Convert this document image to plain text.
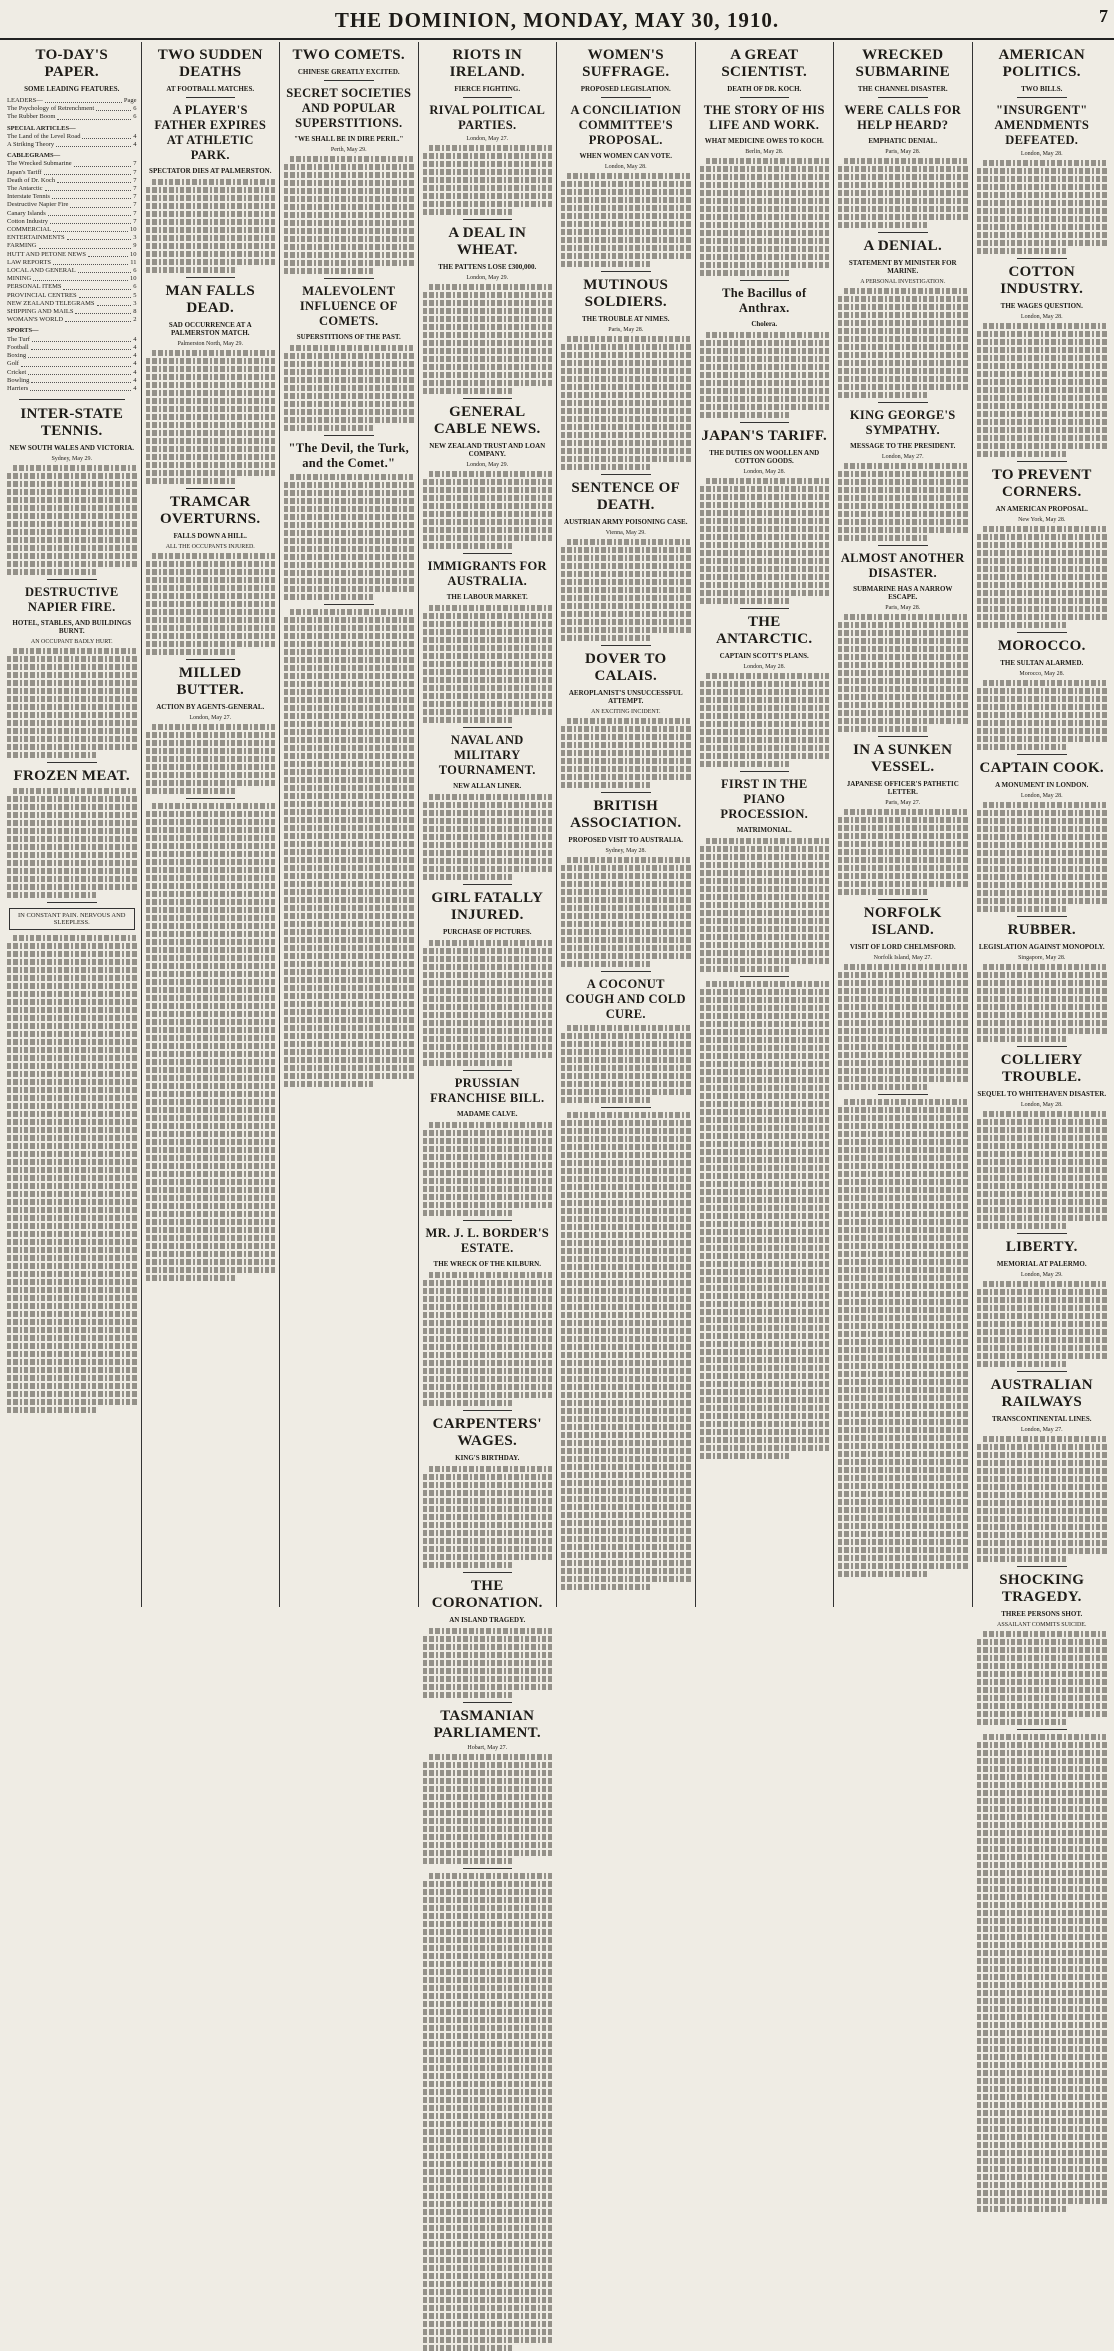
THE DOMINION, MONDAY, MAY 30, 1910.	7
TO-DAY'S PAPER.
SOME LEADING FEATURES.
LEADERS—	Page
The Psychology of Retrenchment	6
The Rubber Boom	6
SPECIAL ARTICLES—
The Land of the Level Road	4
A Striking Theory	4
CABLEGRAMS—
The Wrecked Submarine	7
Japan's Tariff	7
Death of Dr. Koch	7
The Antarctic	7
Interstate Tennis	7
Destructive Napier Fire	7
Canary Islands	7
Cotton Industry	7
COMMERCIAL	10
ENTERTAINMENTS	3
FARMING	9
HUTT AND PETONE NEWS	10
LAW REPORTS	11
LOCAL AND GENERAL	6
MINING	10
PERSONAL ITEMS	6
PROVINCIAL CENTRES	5
NEW ZEALAND TELEGRAMS	3
SHIPPING AND MAILS	8
WOMAN'S WORLD	2
SPORTS—
The Turf	4
Football	4
Boxing	4
Golf	4
Cricket	4
Bowling	4
Harriers	4
INTER-STATE TENNIS.
NEW SOUTH WALES AND VICTORIA.
Sydney, May 29.
DESTRUCTIVE NAPIER FIRE.
HOTEL, STABLES, AND BUILDINGS BURNT.
AN OCCUPANT BADLY HURT.
FROZEN MEAT.
IN CONSTANT PAIN. NERVOUS AND SLEEPLESS.
TWO SUDDEN DEATHS
AT FOOTBALL MATCHES.
A PLAYER'S FATHER EXPIRES AT ATHLETIC PARK.
SPECTATOR DIES AT PALMERSTON.
MAN FALLS DEAD.
SAD OCCURRENCE AT A PALMERSTON MATCH.
Palmerston North, May 29.
TRAMCAR OVERTURNS.
FALLS DOWN A HILL.
ALL THE OCCUPANTS INJURED.
MILLED BUTTER.
ACTION BY AGENTS-GENERAL.
London, May 27.
TWO COMETS.
CHINESE GREATLY EXCITED.
SECRET SOCIETIES AND POPULAR SUPERSTITIONS.
"WE SHALL BE IN DIRE PERIL."
Perth, May 29.
MALEVOLENT INFLUENCE OF COMETS.
SUPERSTITIONS OF THE PAST.
"The Devil, the Turk, and the Comet."
RIOTS IN IRELAND.
FIERCE FIGHTING.
RIVAL POLITICAL PARTIES.
London, May 27.
A DEAL IN WHEAT.
THE PATTENS LOSE £300,000.
London, May 29.
GENERAL CABLE NEWS.
NEW ZEALAND TRUST AND LOAN COMPANY.
London, May 29.
IMMIGRANTS FOR AUSTRALIA.
THE LABOUR MARKET.
NAVAL AND MILITARY TOURNAMENT.
NEW ALLAN LINER.
GIRL FATALLY INJURED.
PURCHASE OF PICTURES.
PRUSSIAN FRANCHISE BILL.
MADAME CALVE.
MR. J. L. BORDER'S ESTATE.
THE WRECK OF THE KILBURN.
CARPENTERS' WAGES.
KING'S BIRTHDAY.
THE CORONATION.
AN ISLAND TRAGEDY.
TASMANIAN PARLIAMENT.
Hobart, May 27.
WOMEN'S SUFFRAGE.
PROPOSED LEGISLATION.
A CONCILIATION COMMITTEE'S PROPOSAL.
WHEN WOMEN CAN VOTE.
London, May 28.
MUTINOUS SOLDIERS.
THE TROUBLE AT NIMES.
Paris, May 28.
SENTENCE OF DEATH.
AUSTRIAN ARMY POISONING CASE.
Vienna, May 29.
DOVER TO CALAIS.
AEROPLANIST'S UNSUCCESSFUL ATTEMPT.
AN EXCITING INCIDENT.
BRITISH ASSOCIATION.
PROPOSED VISIT TO AUSTRALIA.
Sydney, May 28.
A COCONUT COUGH AND COLD CURE.
A GREAT SCIENTIST.
DEATH OF DR. KOCH.
THE STORY OF HIS LIFE AND WORK.
WHAT MEDICINE OWES TO KOCH.
Berlin, May 28.
The Bacillus of Anthrax.
Cholera.
JAPAN'S TARIFF.
THE DUTIES ON WOOLLEN AND COTTON GOODS.
London, May 28.
THE ANTARCTIC.
CAPTAIN SCOTT'S PLANS.
London, May 28.
FIRST IN THE PIANO PROCESSION.
MATRIMONIAL.
WRECKED SUBMARINE
THE CHANNEL DISASTER.
WERE CALLS FOR HELP HEARD?
EMPHATIC DENIAL.
Paris, May 28.
A DENIAL.
STATEMENT BY MINISTER FOR MARINE.
A PERSONAL INVESTIGATION.
KING GEORGE'S SYMPATHY.
MESSAGE TO THE PRESIDENT.
London, May 27.
ALMOST ANOTHER DISASTER.
SUBMARINE HAS A NARROW ESCAPE.
Paris, May 28.
IN A SUNKEN VESSEL.
JAPANESE OFFICER'S PATHETIC LETTER.
Paris, May 27.
NORFOLK ISLAND.
VISIT OF LORD CHELMSFORD.
Norfolk Island, May 27.
AMERICAN POLITICS.
TWO BILLS.
"INSURGENT" AMENDMENTS DEFEATED.
London, May 28.
COTTON INDUSTRY.
THE WAGES QUESTION.
London, May 28.
TO PREVENT CORNERS.
AN AMERICAN PROPOSAL.
New York, May 28.
MOROCCO.
THE SULTAN ALARMED.
Morocco, May 28.
CAPTAIN COOK.
A MONUMENT IN LONDON.
London, May 28.
RUBBER.
LEGISLATION AGAINST MONOPOLY.
Singapore, May 28.
COLLIERY TROUBLE.
SEQUEL TO WHITEHAVEN DISASTER.
London, May 28.
LIBERTY.
MEMORIAL AT PALERMO.
London, May 29.
AUSTRALIAN RAILWAYS
TRANSCONTINENTAL LINES.
London, May 27.
SHOCKING TRAGEDY.
THREE PERSONS SHOT.
ASSAILANT COMMITS SUICIDE.
